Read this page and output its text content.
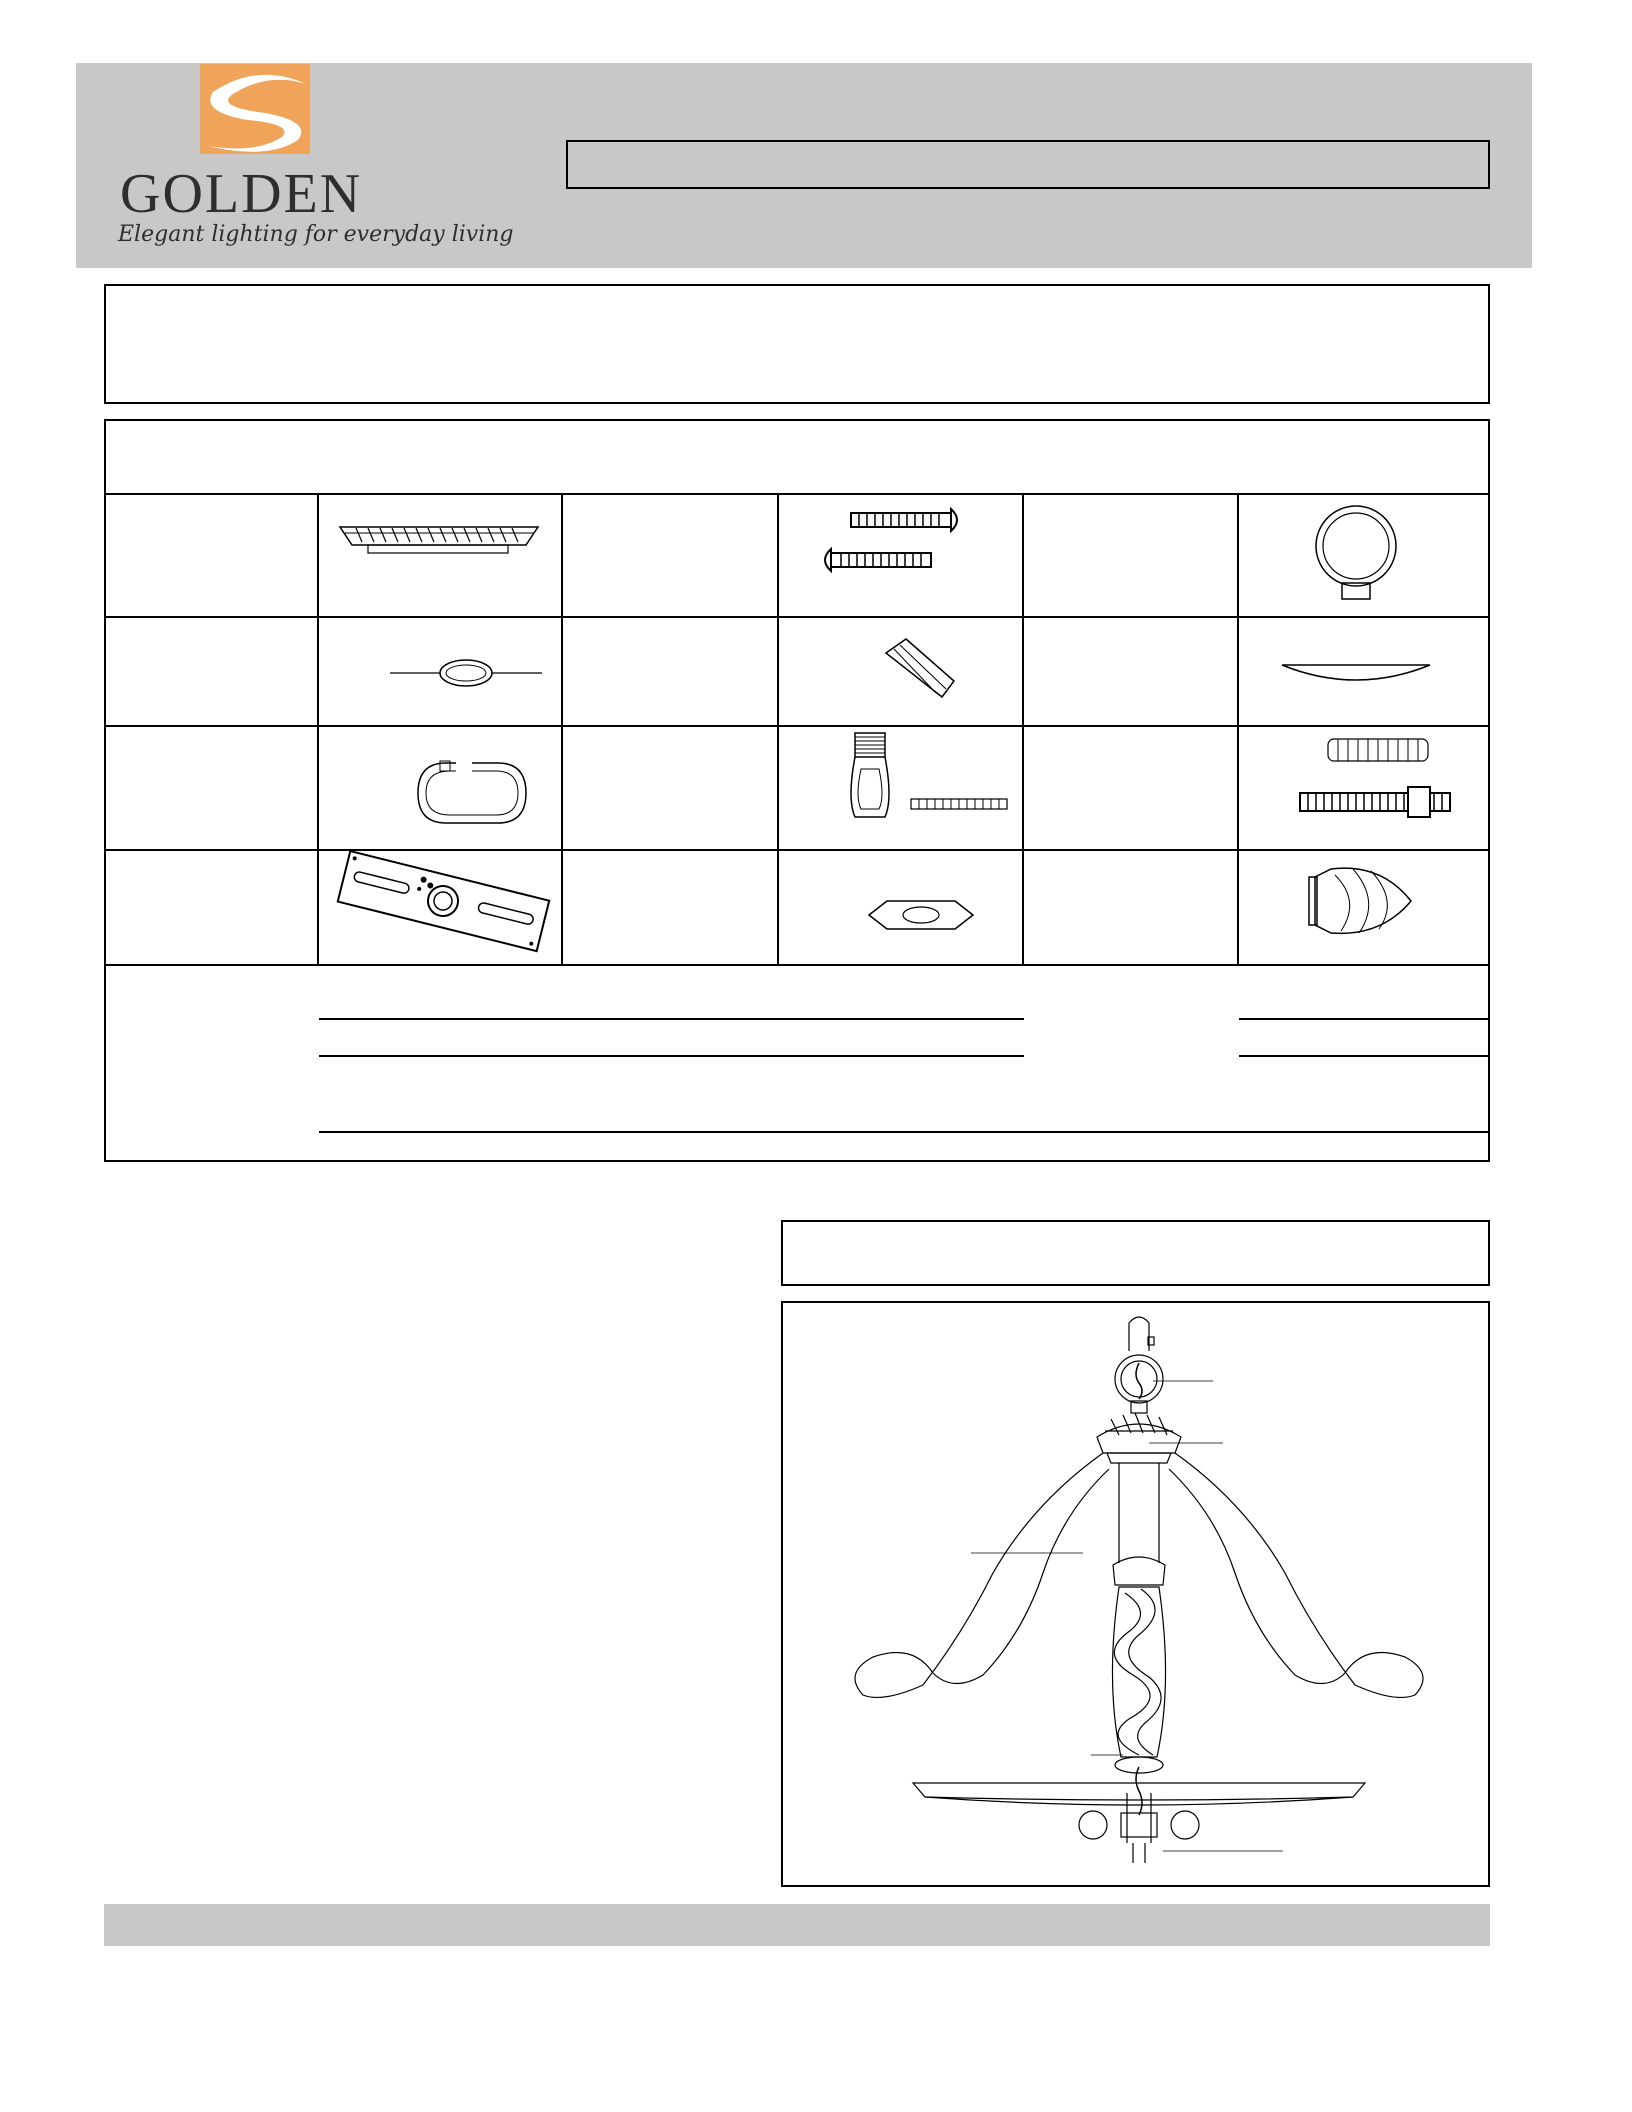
GOLDEN
Elegant lighting for everyday living
